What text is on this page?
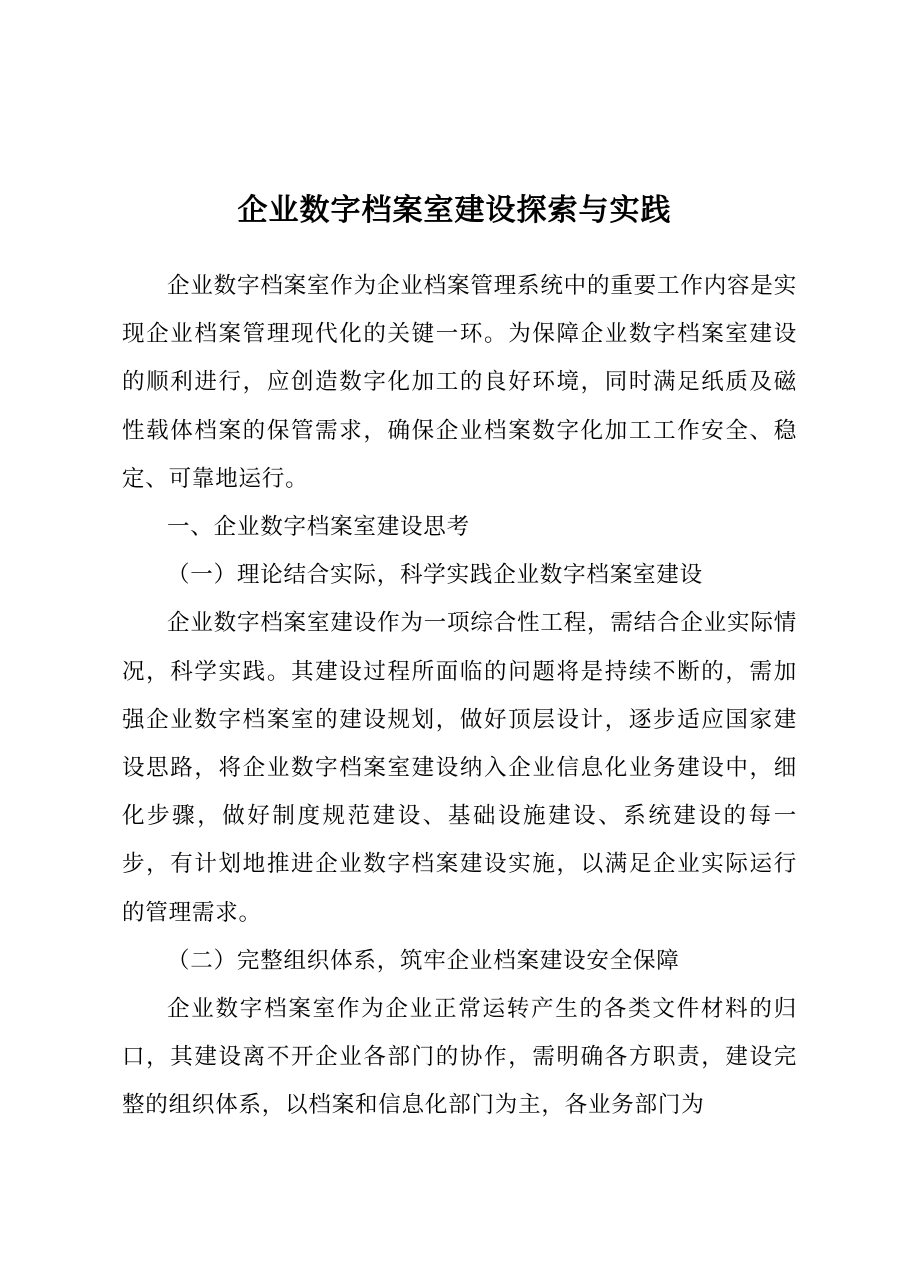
企业数字档案室建设探索与实践

企业数字档案室作为企业档案管理系统中的重要工作内容是实现企业档案管理现代化的关键一环。为保障企业数字档案室建设的顺利进行，应创造数字化加工的良好环境，同时满足纸质及磁性载体档案的保管需求，确保企业档案数字化加工工作安全、稳定、可靠地运行。

一、企业数字档案室建设思考

（一）理论结合实际，科学实践企业数字档案室建设

企业数字档案室建设作为一项综合性工程，需结合企业实际情况，科学实践。其建设过程所面临的问题将是持续不断的，需加强企业数字档案室的建设规划，做好顶层设计，逐步适应国家建设思路，将企业数字档案室建设纳入企业信息化业务建设中，细化步骤，做好制度规范建设、基础设施建设、系统建设的每一步，有计划地推进企业数字档案建设实施，以满足企业实际运行的管理需求。

（二）完整组织体系，筑牢企业档案建设安全保障

企业数字档案室作为企业正常运转产生的各类文件材料的归口，其建设离不开企业各部门的协作，需明确各方职责，建设完整的组织体系，以档案和信息化部门为主，各业务部门为
